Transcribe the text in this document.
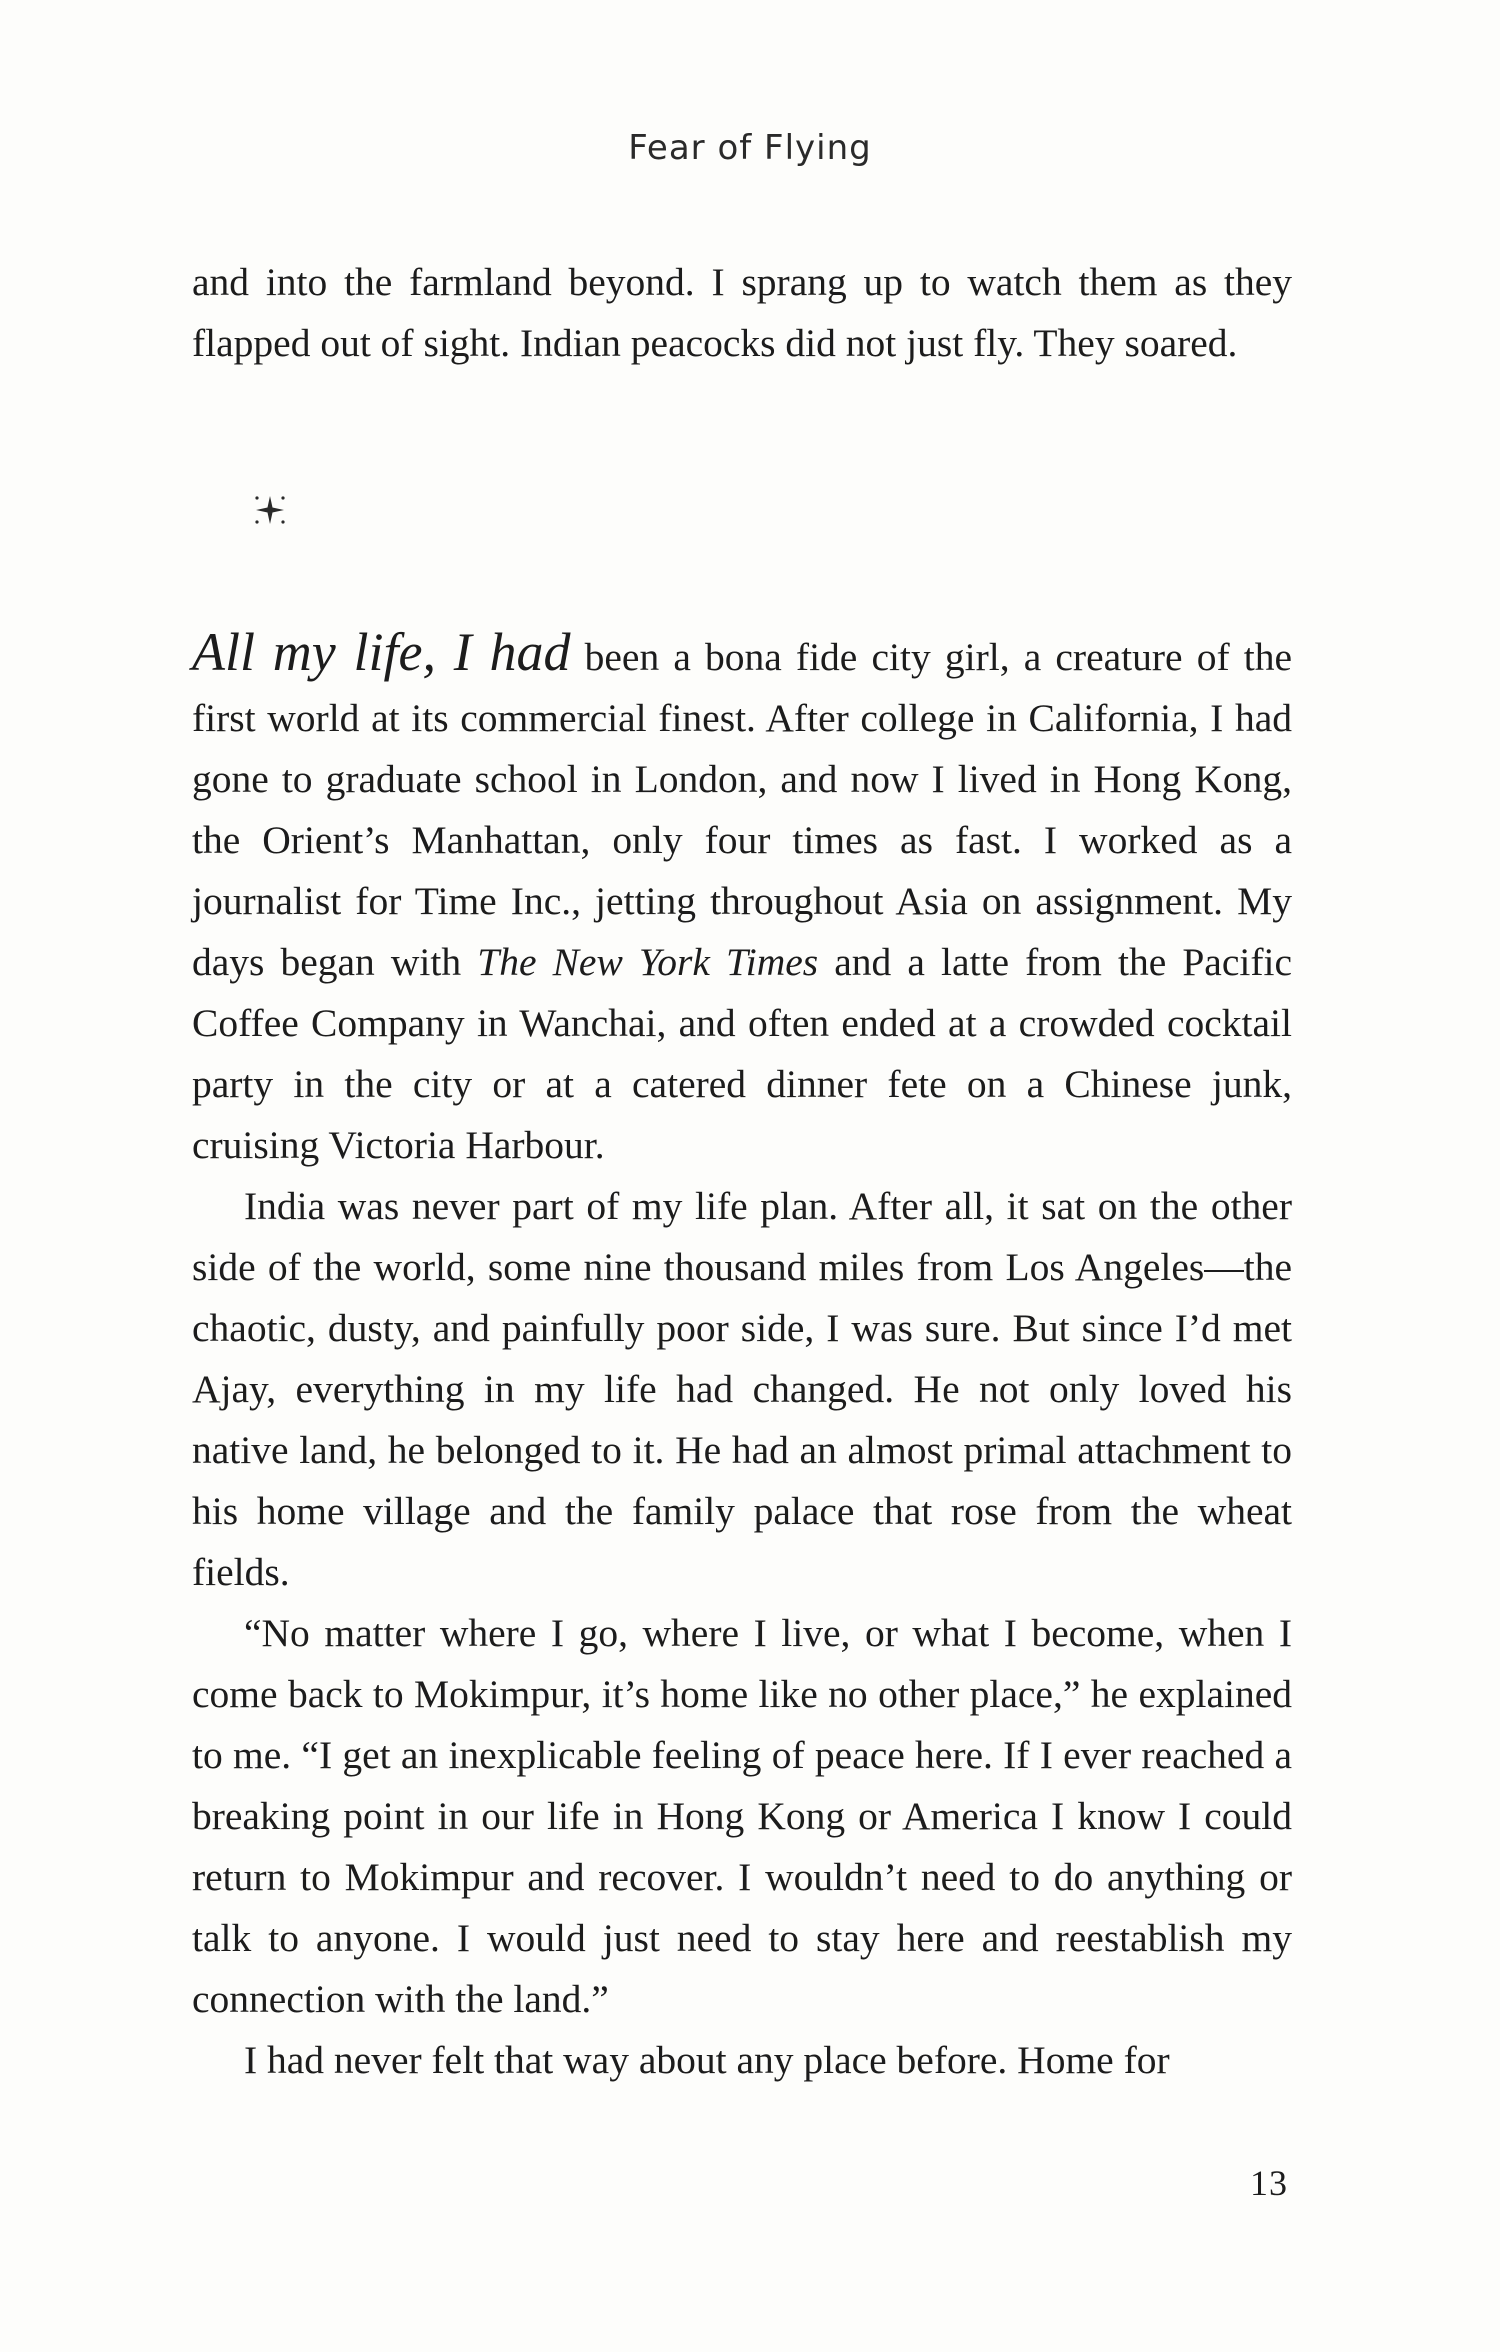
Fear of Flying

and into the farmland beyond. I sprang up to watch them as they flapped out of sight. Indian peacocks did not just fly. They soared.

All my life, I had been a bona fide city girl, a creature of the first world at its commercial finest. After college in California, I had gone to graduate school in London, and now I lived in Hong Kong, the Orient’s Manhattan, only four times as fast. I worked as a journalist for Time Inc., jetting throughout Asia on assignment. My days began with The New York Times and a latte from the Pacific Coffee Company in Wanchai, and often ended at a crowded cocktail party in the city or at a catered dinner fete on a Chinese junk, cruising Victoria Harbour.

India was never part of my life plan. After all, it sat on the other side of the world, some nine thousand miles from Los Angeles—the chaotic, dusty, and painfully poor side, I was sure. But since I’d met Ajay, everything in my life had changed. He not only loved his native land, he belonged to it. He had an almost primal attachment to his home village and the family palace that rose from the wheat fields.

“No matter where I go, where I live, or what I become, when I come back to Mokimpur, it’s home like no other place,” he explained to me. “I get an inexplicable feeling of peace here. If I ever reached a breaking point in our life in Hong Kong or America I know I could return to Mokimpur and recover. I wouldn’t need to do anything or talk to anyone. I would just need to stay here and reestablish my connection with the land.”

I had never felt that way about any place before. Home for

13
